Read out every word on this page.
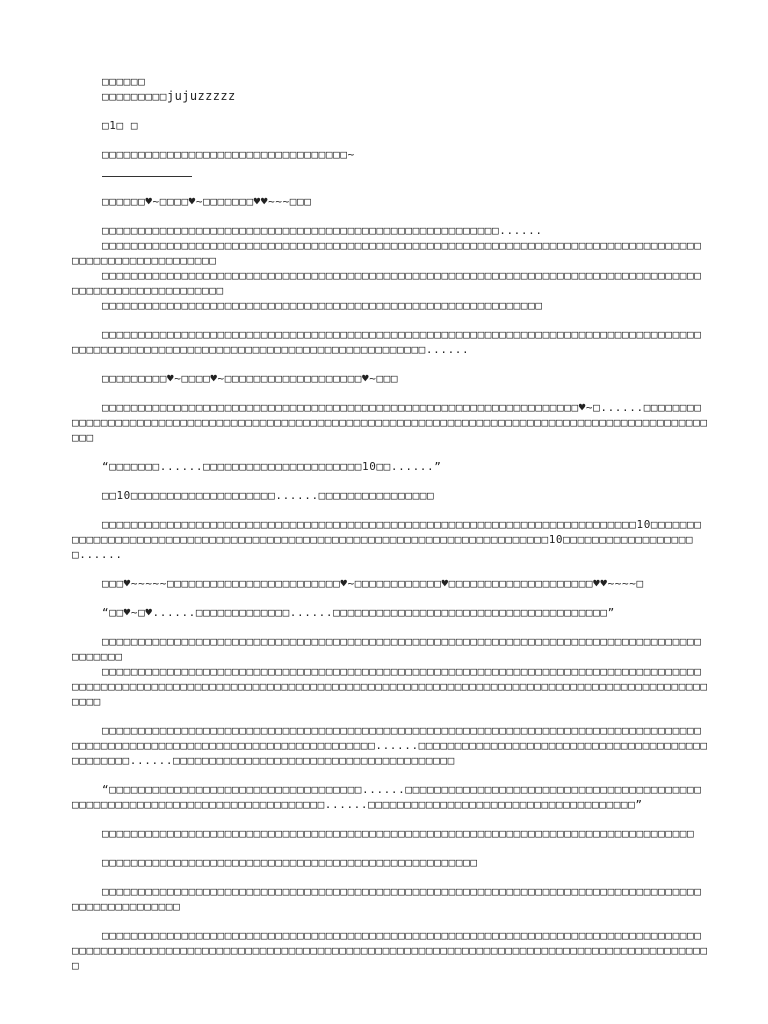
□□□□□□

□□□□□□□□□jujuzzzzz

□1□ □

□□□□□□□□□□□□□□□□□□□□□□□□□□□□□□□□□□~

□□□□□□♥~□□□□♥~□□□□□□□♥♥~~~□□□

□□□□□□□□□□□□□□□□□□□□□□□□□□□□□□□□□□□□□□□□□□□□□□□□□□□□□□□......

□□□□□□□□□□□□□□□□□□□□□□□□□□□□□□□□□□□□□□□□□□□□□□□□□□□□□□□□□□□□□□□□□□□□□□□□□□□□□□□□□□□□□□□□□□□□□□□□□□□□□□□

□□□□□□□□□□□□□□□□□□□□□□□□□□□□□□□□□□□□□□□□□□□□□□□□□□□□□□□□□□□□□□□□□□□□□□□□□□□□□□□□□□□□□□□□□□□□□□□□□□□□□□□□

□□□□□□□□□□□□□□□□□□□□□□□□□□□□□□□□□□□□□□□□□□□□□□□□□□□□□□□□□□□□□

□□□□□□□□□□□□□□□□□□□□□□□□□□□□□□□□□□□□□□□□□□□□□□□□□□□□□□□□□□□□□□□□□□□□□□□□□□□□□□□□□□□□□□□□□□□□□□□□□□□□□□□□□□□□□□□□□□□□□□□□□□□□□□□□□□□□......

□□□□□□□□□♥~□□□□♥~□□□□□□□□□□□□□□□□□□□♥~□□□

□□□□□□□□□□□□□□□□□□□□□□□□□□□□□□□□□□□□□□□□□□□□□□□□□□□□□□□□□□□□□□□□□□♥~□......□□□□□□□□□□□□□□□□□□□□□□□□□□□□□□□□□□□□□□□□□□□□□□□□□□□□□□□□□□□□□□□□□□□□□□□□□□□□□□□□□□□□□□□□□□□□□□□□□□□

“□□□□□□□......□□□□□□□□□□□□□□□□□□□□□□10□□......”

□□10□□□□□□□□□□□□□□□□□□□□......□□□□□□□□□□□□□□□□

□□□□□□□□□□□□□□□□□□□□□□□□□□□□□□□□□□□□□□□□□□□□□□□□□□□□□□□□□□□□□□□□□□□□□□□□□□10□□□□□□□□□□□□□□□□□□□□□□□□□□□□□□□□□□□□□□□□□□□□□□□□□□□□□□□□□□□□□□□□□□□□□□□□□10□□□□□□□□□□□□□□□□□□□......

□□□♥~~~~~□□□□□□□□□□□□□□□□□□□□□□□□♥~□□□□□□□□□□□□♥□□□□□□□□□□□□□□□□□□□□♥♥~~~~□

“□□♥~□♥......□□□□□□□□□□□□□......□□□□□□□□□□□□□□□□□□□□□□□□□□□□□□□□□□□□□□”

□□□□□□□□□□□□□□□□□□□□□□□□□□□□□□□□□□□□□□□□□□□□□□□□□□□□□□□□□□□□□□□□□□□□□□□□□□□□□□□□□□□□□□□□□□

□□□□□□□□□□□□□□□□□□□□□□□□□□□□□□□□□□□□□□□□□□□□□□□□□□□□□□□□□□□□□□□□□□□□□□□□□□□□□□□□□□□□□□□□□□□□□□□□□□□□□□□□□□□□□□□□□□□□□□□□□□□□□□□□□□□□□□□□□□□□□□□□□□□□□□□□□□□□□□□□□□□□□□□□□□□□□□□

□□□□□□□□□□□□□□□□□□□□□□□□□□□□□□□□□□□□□□□□□□□□□□□□□□□□□□□□□□□□□□□□□□□□□□□□□□□□□□□□□□□□□□□□□□□□□□□□□□□□□□□□□□□□□□□□□□□□□□□□□□□□□......□□□□□□□□□□□□□□□□□□□□□□□□□□□□□□□□□□□□□□□□□□□□□□□□......□□□□□□□□□□□□□□□□□□□□□□□□□□□□□□□□□□□□□□□

“□□□□□□□□□□□□□□□□□□□□□□□□□□□□□□□□□□□......□□□□□□□□□□□□□□□□□□□□□□□□□□□□□□□□□□□□□□□□□□□□□□□□□□□□□□□□□□□□□□□□□□□□□□□□□□□□......□□□□□□□□□□□□□□□□□□□□□□□□□□□□□□□□□□□□□”

□□□□□□□□□□□□□□□□□□□□□□□□□□□□□□□□□□□□□□□□□□□□□□□□□□□□□□□□□□□□□□□□□□□□□□□□□□□□□□□□□□

□□□□□□□□□□□□□□□□□□□□□□□□□□□□□□□□□□□□□□□□□□□□□□□□□□□□

□□□□□□□□□□□□□□□□□□□□□□□□□□□□□□□□□□□□□□□□□□□□□□□□□□□□□□□□□□□□□□□□□□□□□□□□□□□□□□□□□□□□□□□□□□□□□□□□□□

□□□□□□□□□□□□□□□□□□□□□□□□□□□□□□□□□□□□□□□□□□□□□□□□□□□□□□□□□□□□□□□□□□□□□□□□□□□□□□□□□□□□□□□□□□□□□□□□□□□□□□□□□□□□□□□□□□□□□□□□□□□□□□□□□□□□□□□□□□□□□□□□□□□□□□□□□□□□□□□□□□□□□□□□□□□□
